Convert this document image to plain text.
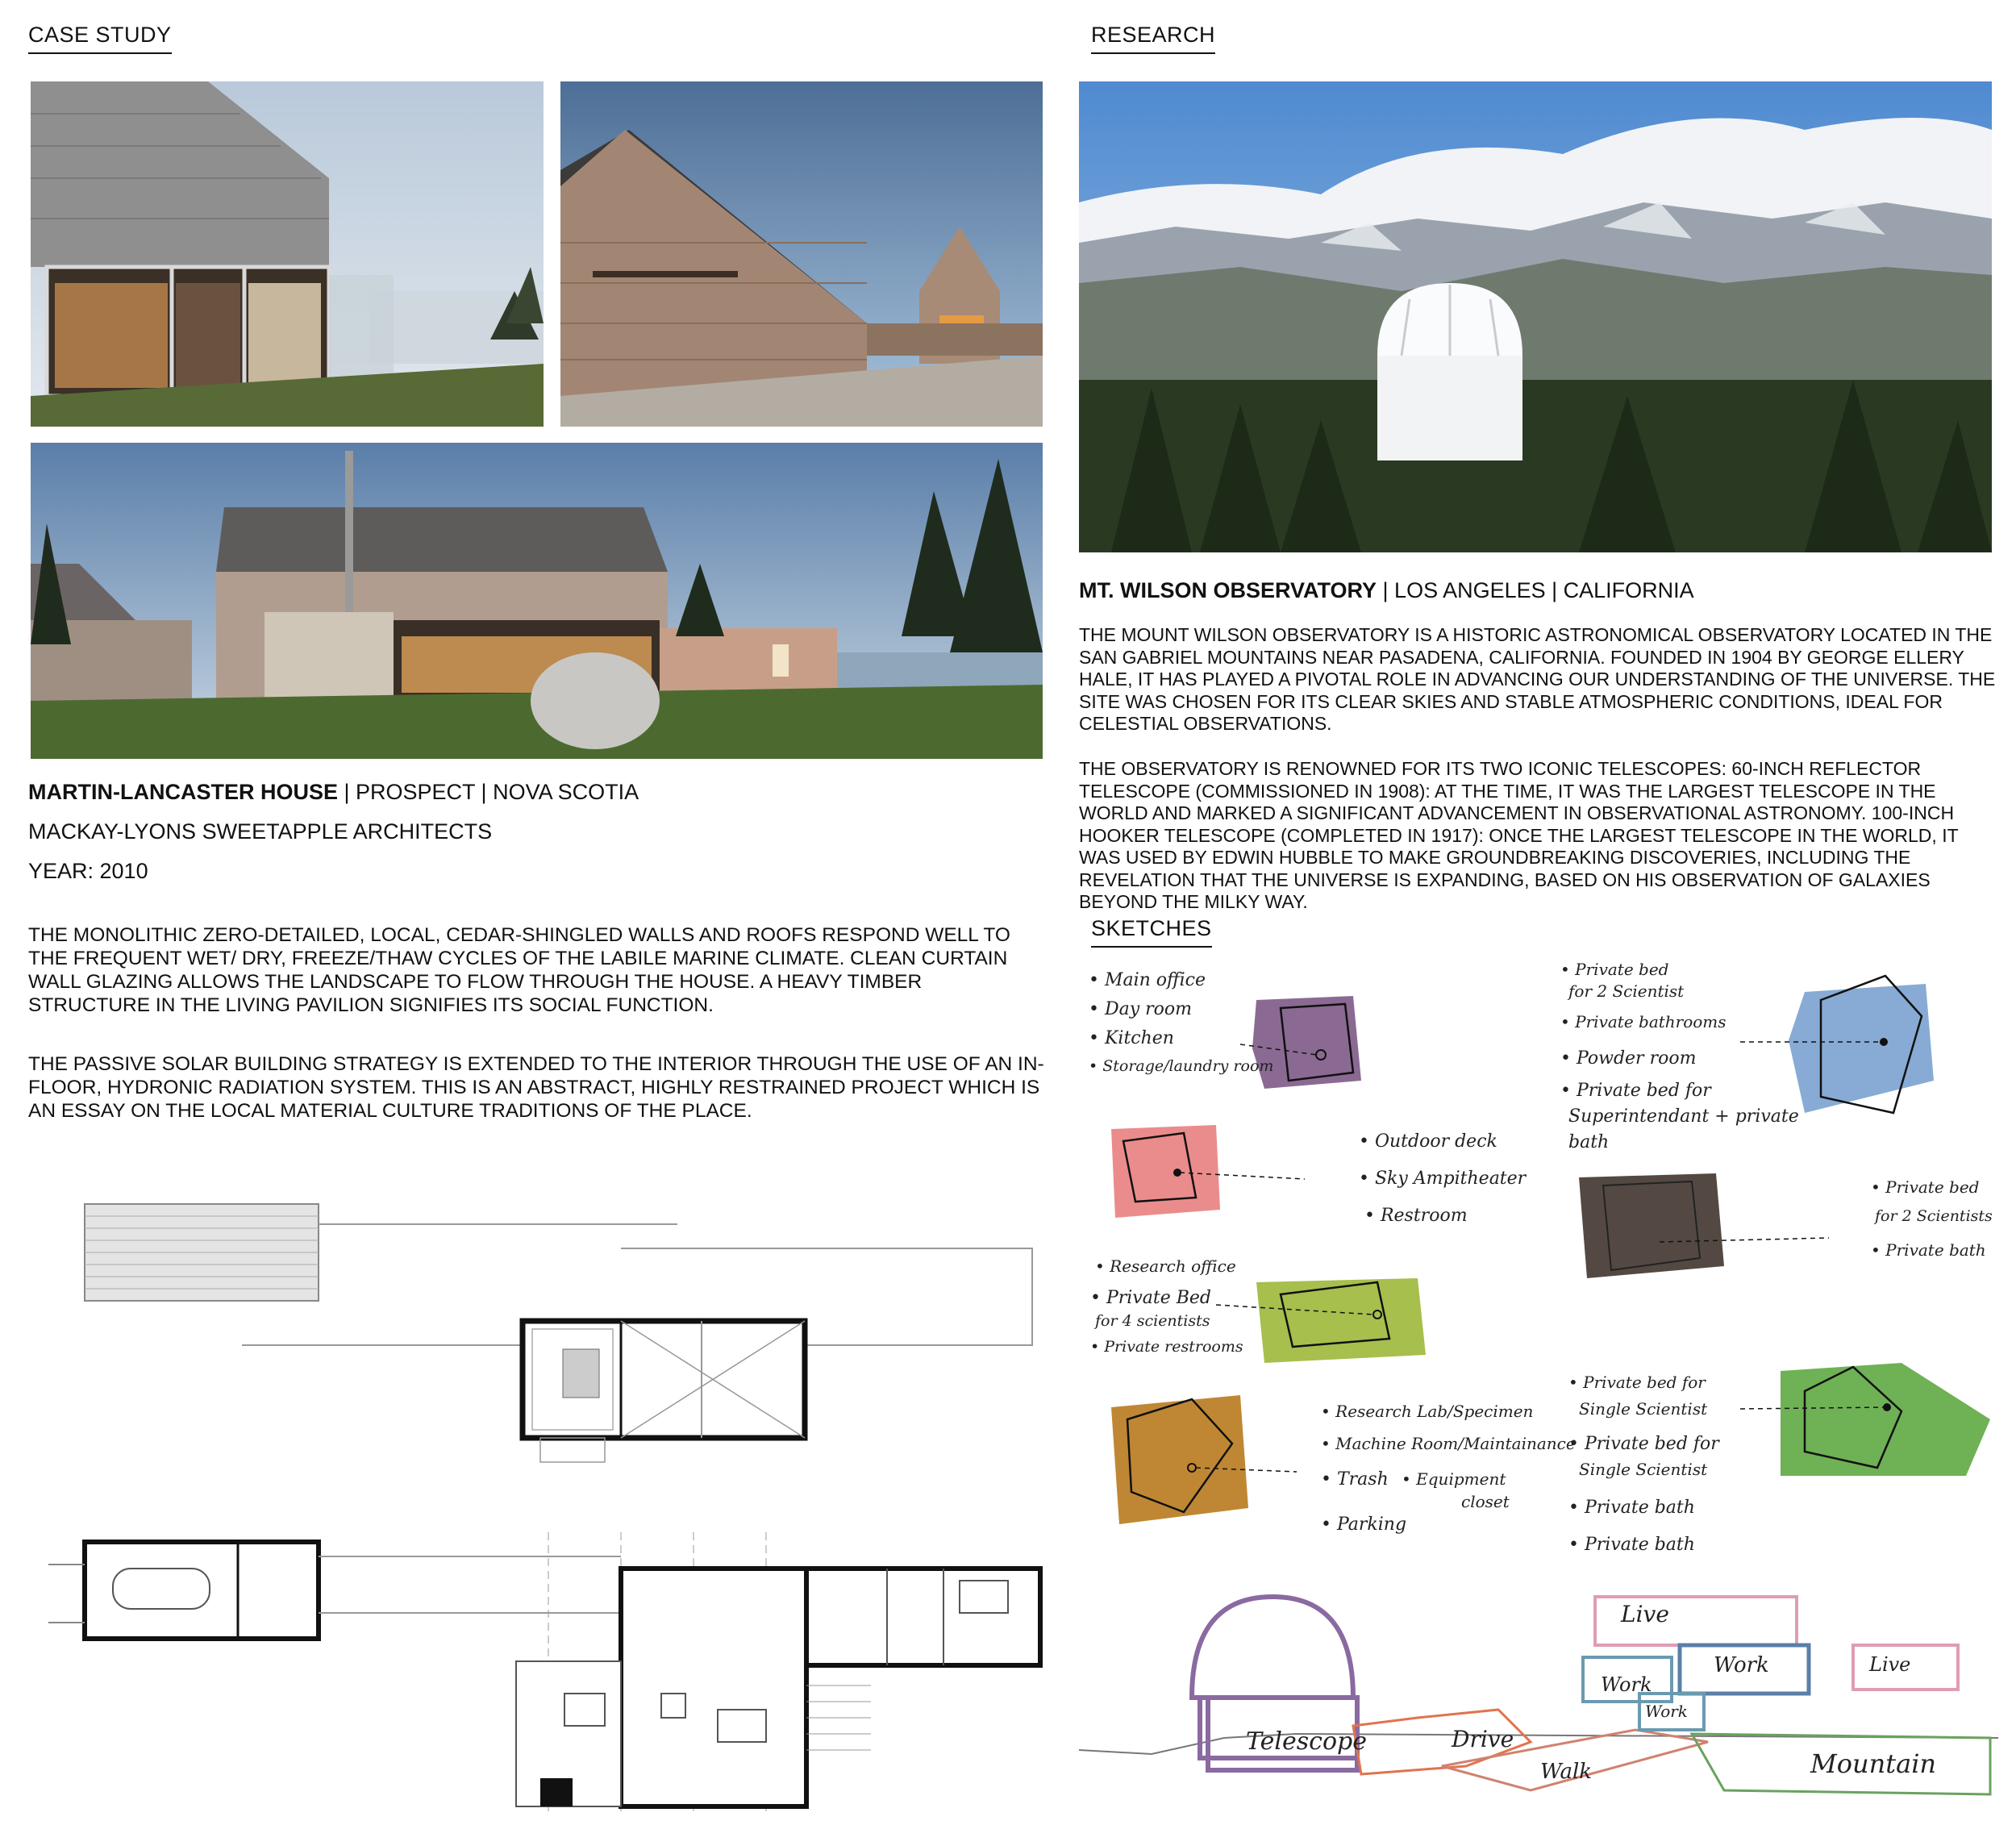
CASE STUDY
MARTIN-LANCASTER HOUSE | PROSPECT | NOVA SCOTIA
MACKAY-LYONS SWEETAPPLE ARCHITECTS
YEAR: 2010
THE MONOLITHIC ZERO-DETAILED, LOCAL, CEDAR-SHINGLED WALLS AND ROOFS RESPOND WELL TO THE FREQUENT WET/ DRY, FREEZE/THAW CYCLES OF THE LABILE MARINE CLIMATE. CLEAN CURTAIN WALL GLAZING ALLOWS THE LANDSCAPE TO FLOW THROUGH THE HOUSE. A HEAVY TIMBER STRUCTURE IN THE LIVING PAVILION SIGNIFIES ITS SOCIAL FUNCTION.
THE PASSIVE SOLAR BUILDING STRATEGY IS EXTENDED TO THE INTERIOR THROUGH THE USE OF AN IN-FLOOR, HYDRONIC RADIATION SYSTEM. THIS IS AN ABSTRACT, HIGHLY RESTRAINED PROJECT WHICH IS AN ESSAY ON THE LOCAL MATERIAL CULTURE TRADITIONS OF THE PLACE.
RESEARCH
MT. WILSON OBSERVATORY | LOS ANGELES | CALIFORNIA
THE MOUNT WILSON OBSERVATORY IS A HISTORIC ASTRONOMICAL OBSERVATORY LOCATED IN THE SAN GABRIEL MOUNTAINS NEAR PASADENA, CALIFORNIA. FOUNDED IN 1904 BY GEORGE ELLERY HALE, IT HAS PLAYED A PIVOTAL ROLE IN ADVANCING OUR UNDERSTANDING OF THE UNIVERSE. THE SITE WAS CHOSEN FOR ITS CLEAR SKIES AND STABLE ATMOSPHERIC CONDITIONS, IDEAL FOR CELESTIAL OBSERVATIONS.
THE OBSERVATORY IS RENOWNED FOR ITS TWO ICONIC TELESCOPES: 60-INCH REFLECTOR TELESCOPE (COMMISSIONED IN 1908): AT THE TIME, IT WAS THE LARGEST TELESCOPE IN THE WORLD AND MARKED A SIGNIFICANT ADVANCEMENT IN OBSERVATIONAL ASTRONOMY. 100-INCH HOOKER TELESCOPE (COMPLETED IN 1917): ONCE THE LARGEST TELESCOPE IN THE WORLD, IT WAS USED BY EDWIN HUBBLE TO MAKE GROUNDBREAKING DISCOVERIES, INCLUDING THE REVELATION THAT THE UNIVERSE IS EXPANDING, BASED ON HIS OBSERVATION OF GALAXIES BEYOND THE MILKY WAY.
SKETCHES
• Main office
• Day room
• Kitchen
• Storage/laundry room
• Private bed
for 2 Scientist
• Private bathrooms
• Powder room
• Private bed for
Superintendant + private
bath
• Outdoor deck
• Sky Ampitheater
• Restroom
• Private bed
for 2 Scientists
• Private bath
• Research office
• Private Bed
for 4 scientists
• Private restrooms
• Research Lab/Specimen
• Machine Room/Maintainance
• Trash • Equipment
closet
• Parking
• Private bed for
Single Scientist
• Private bed for
Single Scientist
• Private bath
• Private bath
Telescope	Drive
Walk	Mountain
Live
Live
Work
Work
Work
